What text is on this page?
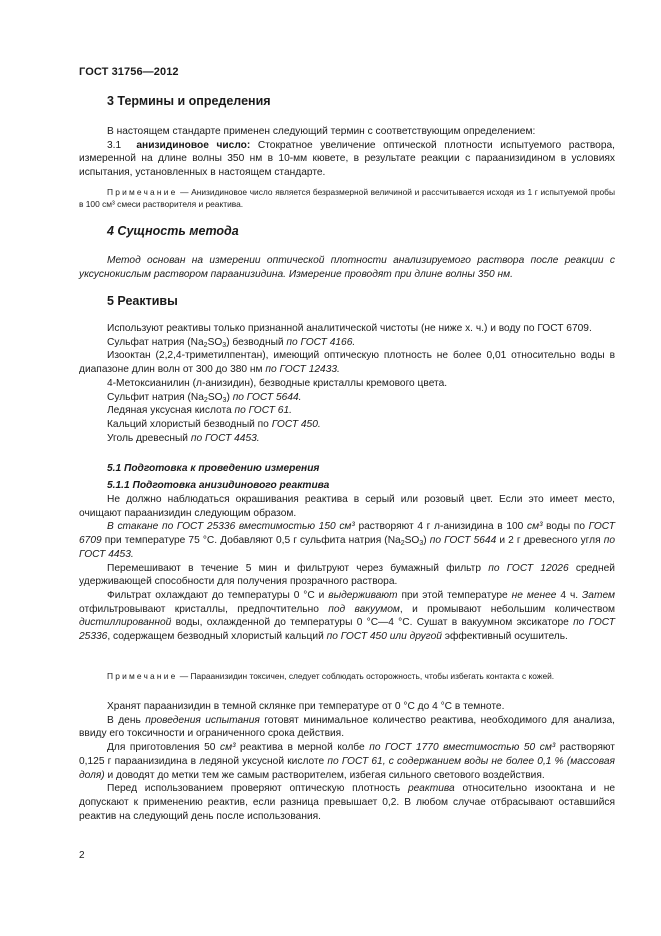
ГОСТ 31756—2012
3 Термины и определения
В настоящем стандарте применен следующий термин с соответствующим определением:
3.1 анизидиновое число: Стократное увеличение оптической плотности испытуемого раствора, измеренной на длине волны 350 нм в 10-мм кювете, в результате реакции с параанизидином в условиях испытания, установленных в настоящем стандарте.
Примечание — Анизидиновое число является безразмерной величиной и рассчитывается исходя из 1 г испытуемой пробы в 100 см³ смеси растворителя и реактива.
4 Сущность метода
Метод основан на измерении оптической плотности анализируемого раствора после реакции с уксуснокислым раствором параанизидина. Измерение проводят при длине волны 350 нм.
5 Реактивы
Используют реактивы только признанной аналитической чистоты (не ниже х. ч.) и воду по ГОСТ 6709.
Сульфат натрия $(Na_2SO_3)$ безводный по ГОСТ 4166.
Изооктан (2,2,4-триметилпентан), имеющий оптическую плотность не более 0,01 относительно воды в диапазоне длин волн от 300 до 380 нм по ГОСТ 12433.
4-Метоксианилин (л-анизидин), безводные кристаллы кремового цвета.
Сульфит натрия $(Na_2SO_3)$ по ГОСТ 5644.
Ледяная уксусная кислота по ГОСТ 61.
Кальций хлористый безводный по ГОСТ 450.
Уголь древесный по ГОСТ 4453.
5.1 Подготовка к проведению измерения
5.1.1 Подготовка анизидинового реактива
Не должно наблюдаться окрашивания реактива в серый или розовый цвет. Если это имеет место, очищают параанизидин следующим образом.
В стакане по ГОСТ 25336 вместимостью 150 см³ растворяют 4 г л-анизидина в 100 см³ воды по ГОСТ 6709 при температуре 75 °С. Добавляют 0,5 г сульфита натрия $(Na_2SO_3)$ по ГОСТ 5644 и 2 г древесного угля по ГОСТ 4453.
Перемешивают в течение 5 мин и фильтруют через бумажный фильтр по ГОСТ 12026 средней удерживающей способности для получения прозрачного раствора.
Фильтрат охлаждают до температуры 0 °С и выдерживают при этой температуре не менее 4 ч. Затем отфильтровывают кристаллы, предпочтительно под вакуумом, и промывают небольшим количеством дистиллированной воды, охлажденной до температуры 0 °С—4 °С. Сушат в вакуумном эксикаторе по ГОСТ 25336, содержащем безводный хлористый кальций по ГОСТ 450 или другой эффективный осушитель.
Примечание — Параанизидин токсичен, следует соблюдать осторожность, чтобы избегать контакта с кожей.
Хранят параанизидин в темной склянке при температуре от 0 °С до 4 °С в темноте.
В день проведения испытания готовят минимальное количество реактива, необходимого для анализа, ввиду его токсичности и ограниченного срока действия.
Для приготовления 50 см³ реактива в мерной колбе по ГОСТ 1770 вместимостью 50 см³ растворяют 0,125 г параанизидина в ледяной уксусной кислоте по ГОСТ 61, с содержанием воды не более 0,1 % (массовая доля) и доводят до метки тем же самым растворителем, избегая сильного светового воздействия.
Перед использованием проверяют оптическую плотность реактива относительно изооктана и не допускают к применению реактив, если разница превышает 0,2. В любом случае отбрасывают оставшийся реактив на следующий день после использования.
2
